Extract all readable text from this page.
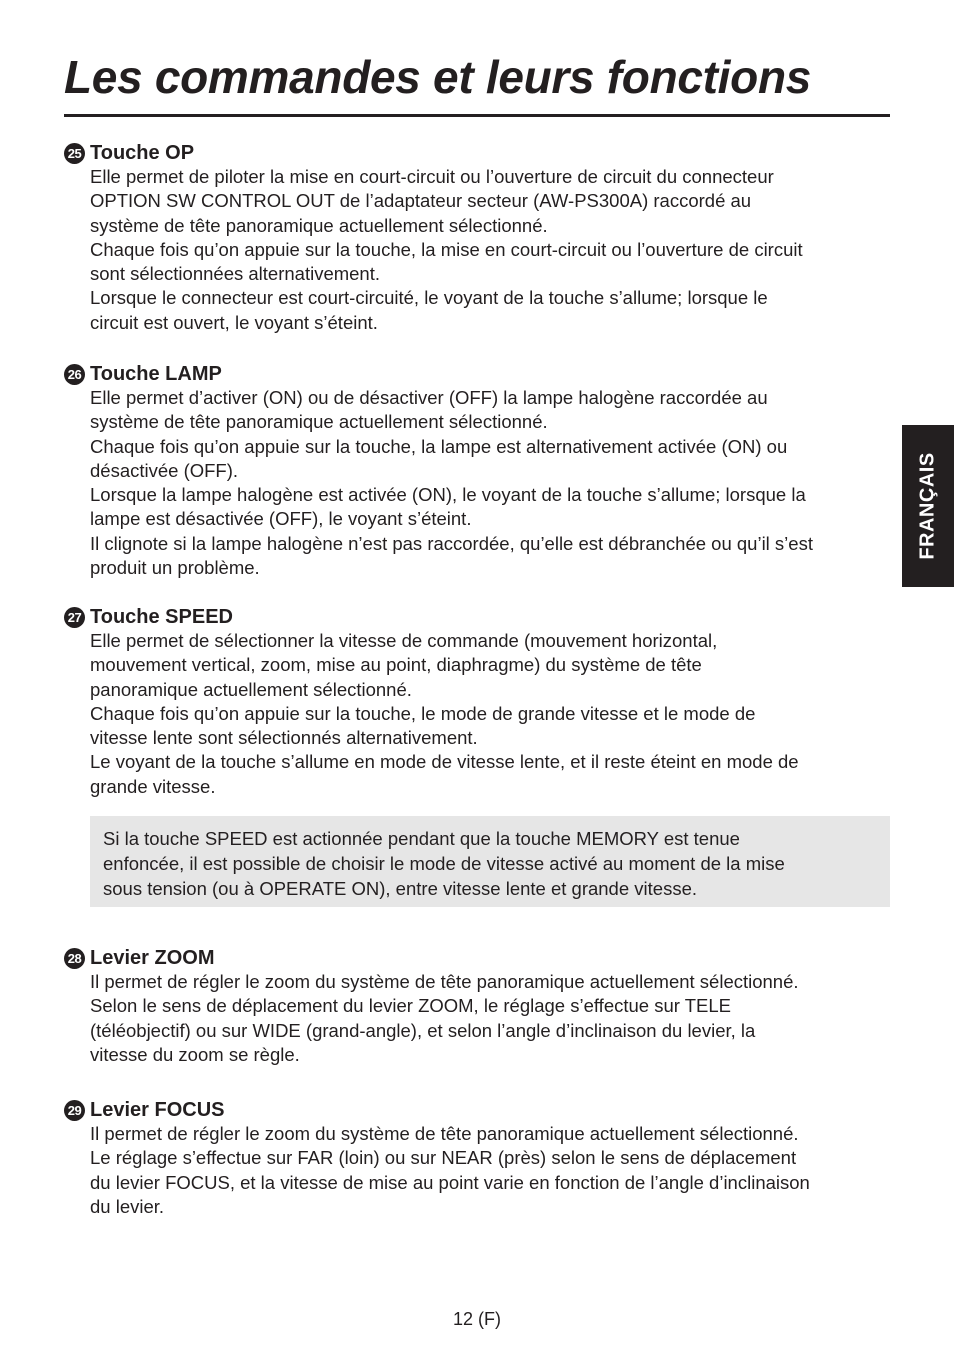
Les commandes et leurs fonctions
FRANÇAIS
25 Touche OP

Elle permet de piloter la mise en court-circuit ou l’ouverture de circuit du connecteur
OPTION SW CONTROL OUT de l’adaptateur secteur (AW-PS300A) raccordé au
système de tête panoramique actuellement sélectionné.

Chaque fois qu’on appuie sur la touche, la mise en court-circuit ou l’ouverture de circuit
sont sélectionnées alternativement.

Lorsque le connecteur est court-circuité, le voyant de la touche s’allume; lorsque le
circuit est ouvert, le voyant s’éteint.

26 Touche LAMP

Elle permet d’activer (ON) ou de désactiver (OFF) la lampe halogène raccordée au
système de tête panoramique actuellement sélectionné.

Chaque fois qu’on appuie sur la touche, la lampe est alternativement activée (ON) ou
désactivée (OFF).

Lorsque la lampe halogène est activée (ON), le voyant de la touche s’allume; lorsque la
lampe est désactivée (OFF), le voyant s’éteint.

Il clignote si la lampe halogène n’est pas raccordée, qu’elle est débranchée ou qu’il s’est
produit un problème.

27 Touche SPEED

Elle permet de sélectionner la vitesse de commande (mouvement horizontal,
mouvement vertical, zoom, mise au point, diaphragme) du système de tête
panoramique actuellement sélectionné.

Chaque fois qu’on appuie sur la touche, le mode de grande vitesse et le mode de
vitesse lente sont sélectionnés alternativement.

Le voyant de la touche s’allume en mode de vitesse lente, et il reste éteint en mode de
grande vitesse.

Si la touche SPEED est actionnée pendant que la touche MEMORY est tenue
enfoncée, il est possible de choisir le mode de vitesse activé au moment de la mise
sous tension (ou à OPERATE ON), entre vitesse lente et grande vitesse.

28 Levier ZOOM

Il permet de régler le zoom du système de tête panoramique actuellement sélectionné.
Selon le sens de déplacement du levier ZOOM, le réglage s’effectue sur TELE
(téléobjectif) ou sur WIDE (grand-angle), et selon l’angle d’inclinaison du levier, la
vitesse du zoom se règle.

29 Levier FOCUS

Il permet de régler le zoom du système de tête panoramique actuellement sélectionné.
Le réglage s’effectue sur FAR (loin) ou sur NEAR (près) selon le sens de déplacement
du levier FOCUS, et la vitesse de mise au point varie en fonction de l’angle d’inclinaison
du levier.

12 (F)
